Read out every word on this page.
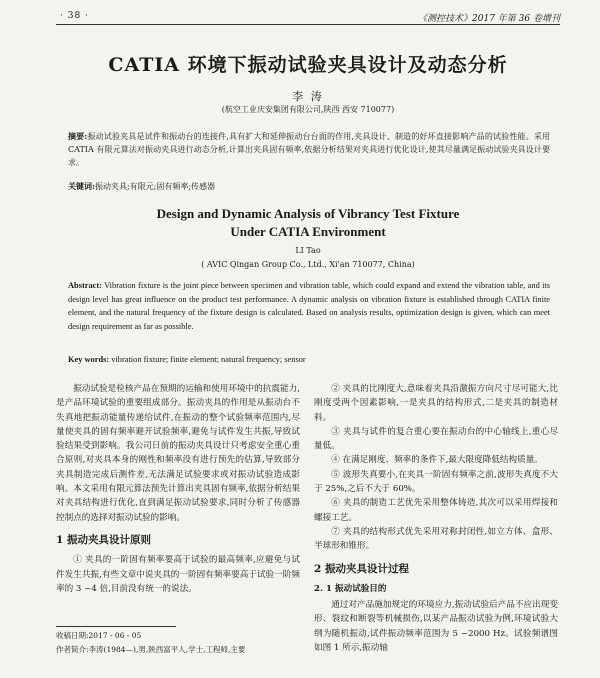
· 38 ·	《测控技术》2017 年第 36 卷增刊
CATIA 环境下振动试验夹具设计及动态分析
李 涛
(航空工业庆安集团有限公司,陕西 西安 710077)
摘要:振动试验夹具是试件和振动台的连接件,具有扩大和延伸振动台台面的作用,夹具设计、制造的好坏直接影响产品的试验性能。采用 CATIA 有限元算法对振动夹具进行动态分析,计算出夹具固有频率,依据分析结果对夹具进行优化设计,使其尽量满足振动试验夹具设计要求。
关键词:振动夹具;有限元;固有频率;传感器
Design and Dynamic Analysis of Vibrancy Test Fixture
Under CATIA Environment
LI Tao
( AVIC Qingan Group Co., Ltd., Xi'an 710077, China)
Abstract: Vibration fixture is the joint piece between specimen and vibration table, which could expand and extend the vibration table, and its design level has great influence on the product test performance. A dynamic analysis on vibration fixture is established through CATIA finite element, and the natural frequency of the fixture design is calculated. Based on analysis results, optimization design is given, which can meet design requirement as far as possible.
Key words: vibration fixture; finite element; natural frequency; sensor

振动试验是检核产品在预期的运输和使用环境中的抗震能力,是产品环境试验的重要组成部分。振动夹具的作用是从振动台不失真地把振动能量传递给试件,在振动的整个试验频率范围内,尽量使夹具的固有频率避开试验频率,避免与试件发生共振,导致试验结果受到影响。我公司日前的振动夹具设计只考虑安全重心重合原则,对夹具本身的刚性和频率没有进行预先的估算,导致部分夹具制造完成后测件差,无法满足试验要求或对振动试验造成影响。本文采用有限元算法预先计算出夹具固有频率,依据分析结果对夹具结构进行优化,直到满足振动试验要求,同时分析了传感器控制点的选择对振动试验的影响。

1 振动夹具设计原则

① 夹具的一阶固有频率要高于试验的最高频率,应避免与试件发生共振,有些文章中说夹具的一阶固有频率要高于试验一阶频率的 3 ~4 倍,目前没有统一的说法。

② 夹具的比刚度大,意味着夹具沿激振方向尺寸尽可能大,比刚度受两个因素影响,一是夹具的结构形式,二是夹具的制造材料。

③ 夹具与试件的复合重心要在振动台的中心轴线上,重心尽量低。

④ 在满足刚度、频率的条件下,最大限度降低结构质量。

⑤ 波形失真要小,在夹具一阶固有频率之前,波形失真度不大于 25%,之后不大于 60%。

⑥ 夹具的制造工艺优先采用整体铸造,其次可以采用焊接和螺接工艺。

⑦ 夹具的结构形式优先采用对称封闭性,如立方体、盒形、半球形和锥形。

2 振动夹具设计过程
2. 1 振动试验目的

通过对产品施加规定的环境应力,振动试验后产品不应出现变形、裂纹和断裂等机械损伤,以某产品振动试验为例,环境试验大纲为随机振动,试件振动频率范围为 5 ~2000 Hz。试验频谱图如图 1 所示,振动轴

收稿日期:2017 - 06 - 05
作者简介:李涛(1984—),男,陕西富平人,学士,工程师,主要
